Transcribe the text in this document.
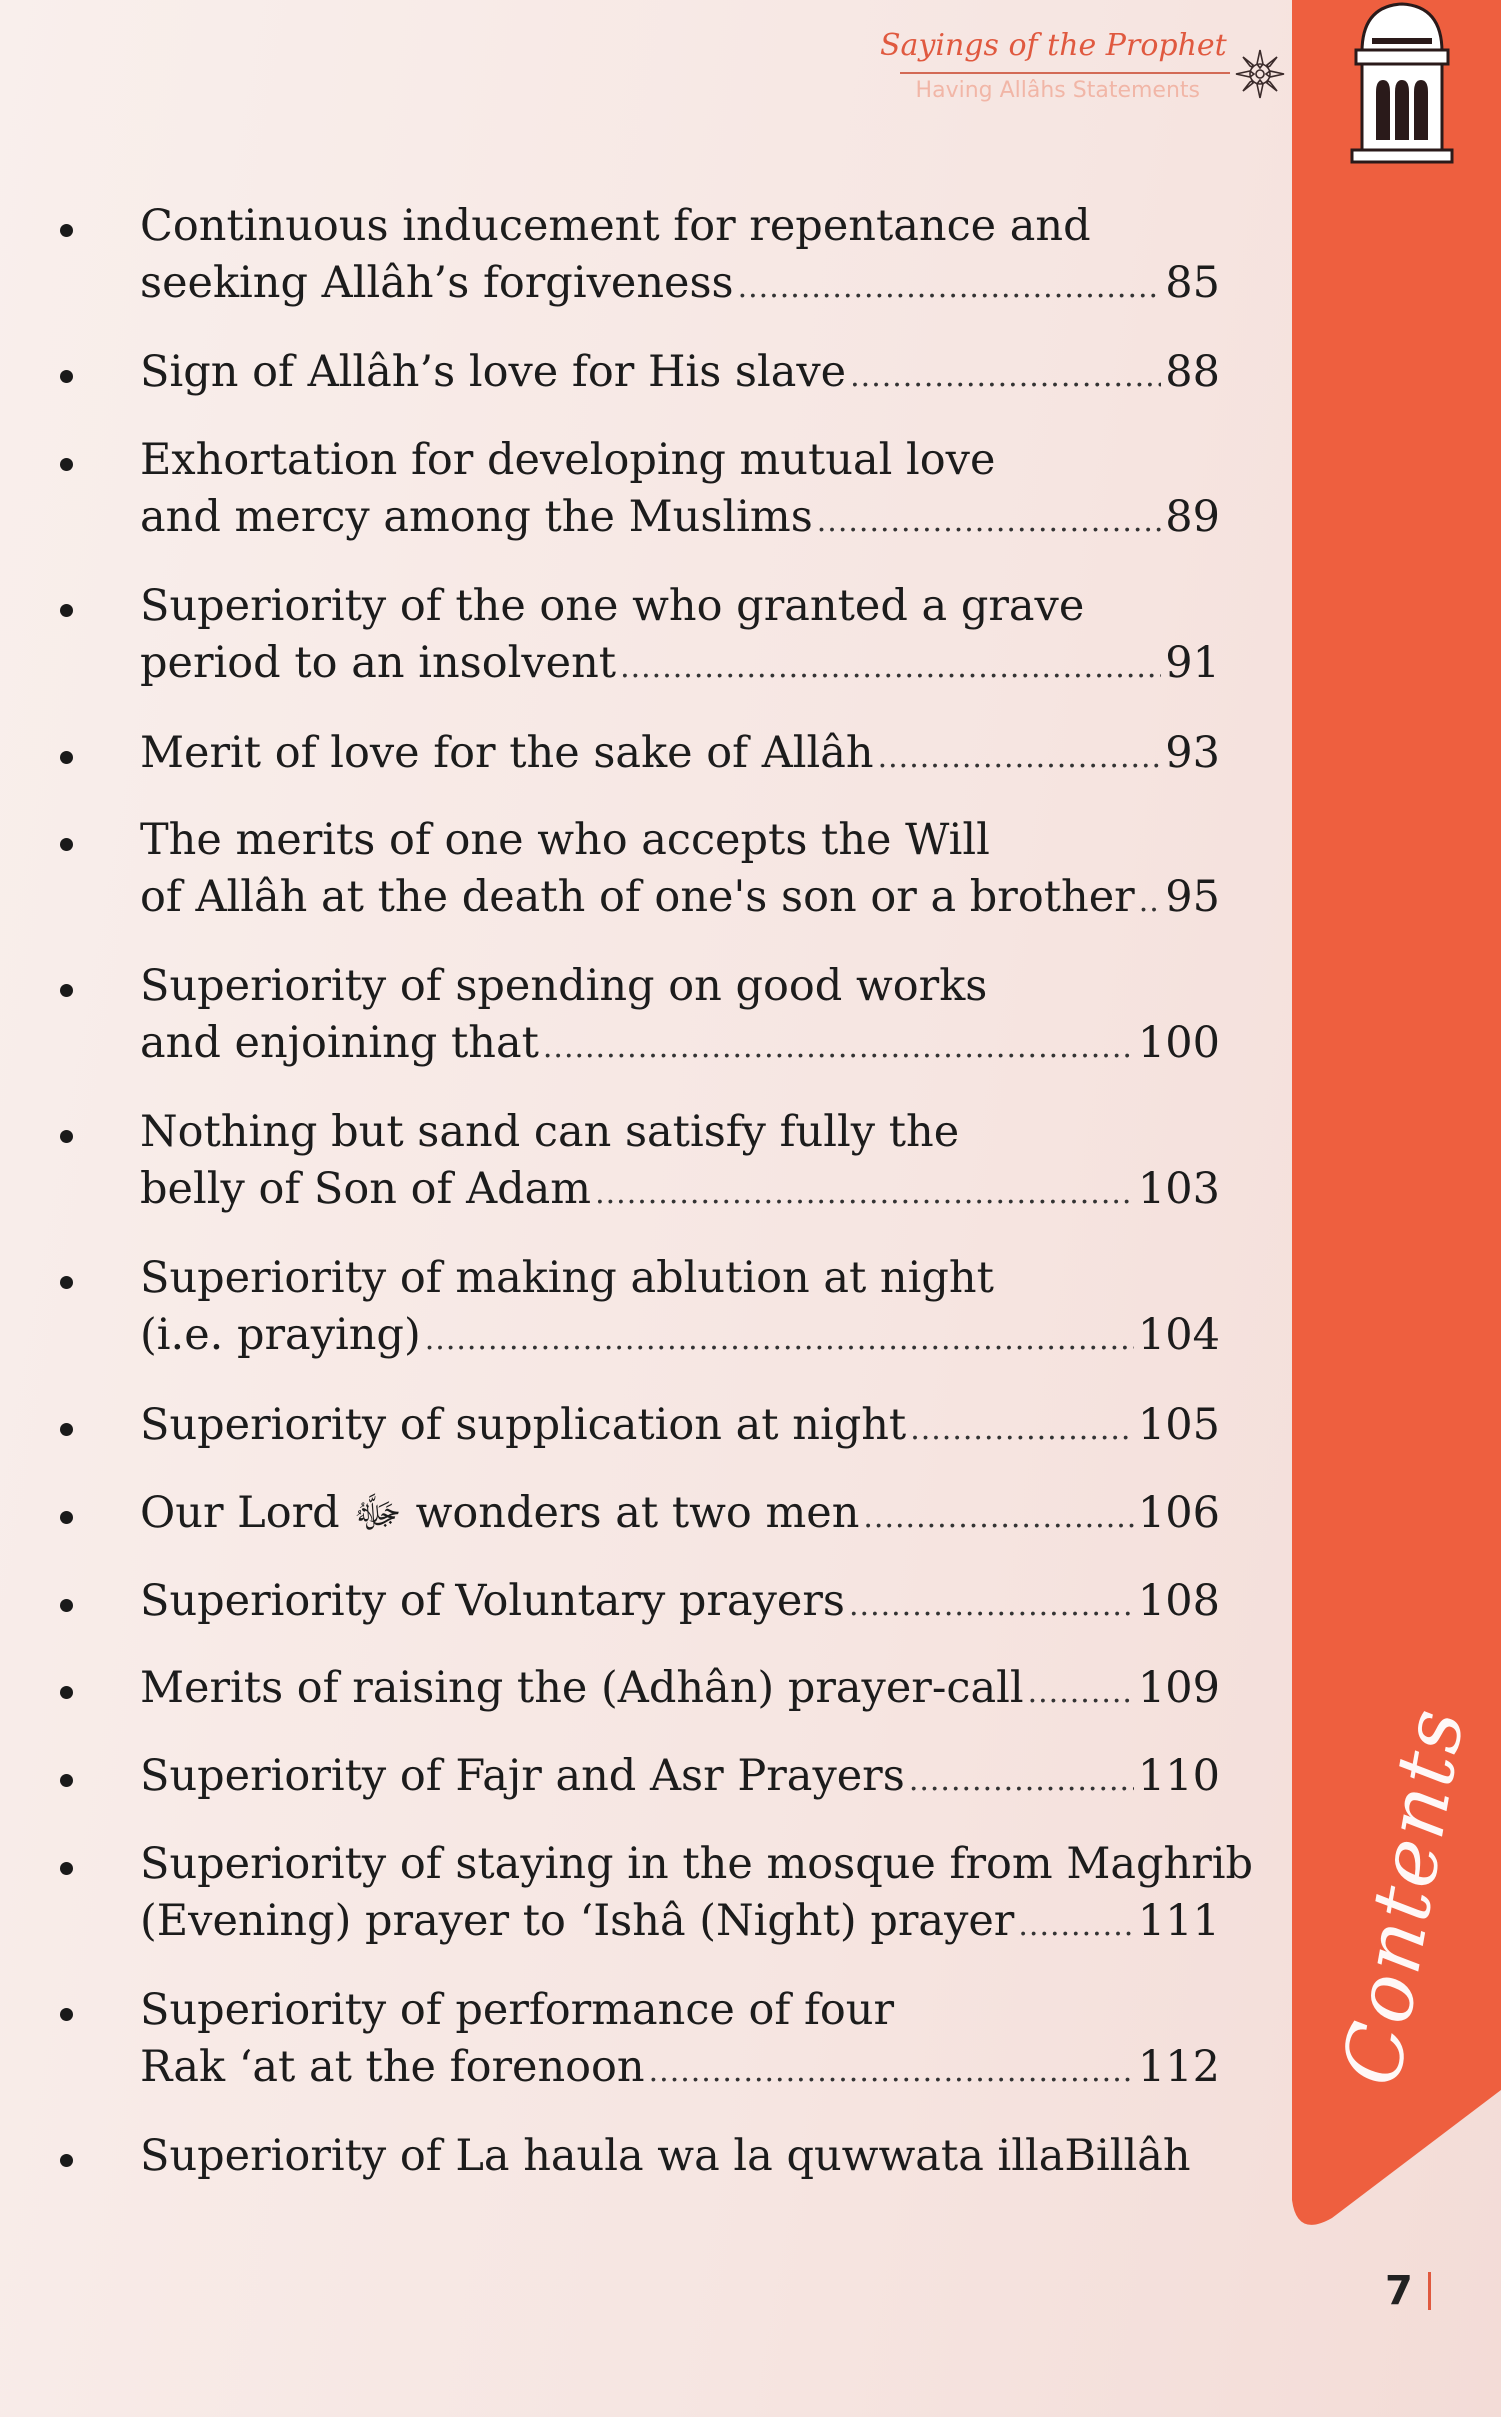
Sayings of the Prophet
Having Allâhs Statements
Contents
Continuous inducement for repentance and
seeking Allâh’s forgiveness .....	85
Sign of Allâh’s love for His slave .....	88
Exhortation for developing mutual love
and mercy among the Muslims .....	89
Superiority of the one who granted a grave
period to an insolvent .....	91
Merit of love for the sake of Allâh .....	93
The merits of one who accepts the Will
of Allâh at the death of one's son or a brother ..... 95
Superiority of spending on good works
and enjoining that .....	100
Nothing but sand can satisfy fully the
belly of Son of Adam .....	103
Superiority of making ablution at night
(i.e. praying) .....	104
Superiority of supplication at night .....	105
Our Lord ﷻ wonders at two men .....	106
Superiority of Voluntary prayers .....	108
Merits of raising the (Adhân) prayer-call .....	109
Superiority of Fajr and Asr Prayers .....	110
Superiority of staying in the mosque from Maghrib
(Evening) prayer to ‘Ishâ (Night) prayer .....	111
Superiority of performance of four
Rak ‘at at the forenoon .....	112
Superiority of La haula wa la quwwata illaBillâh
7
